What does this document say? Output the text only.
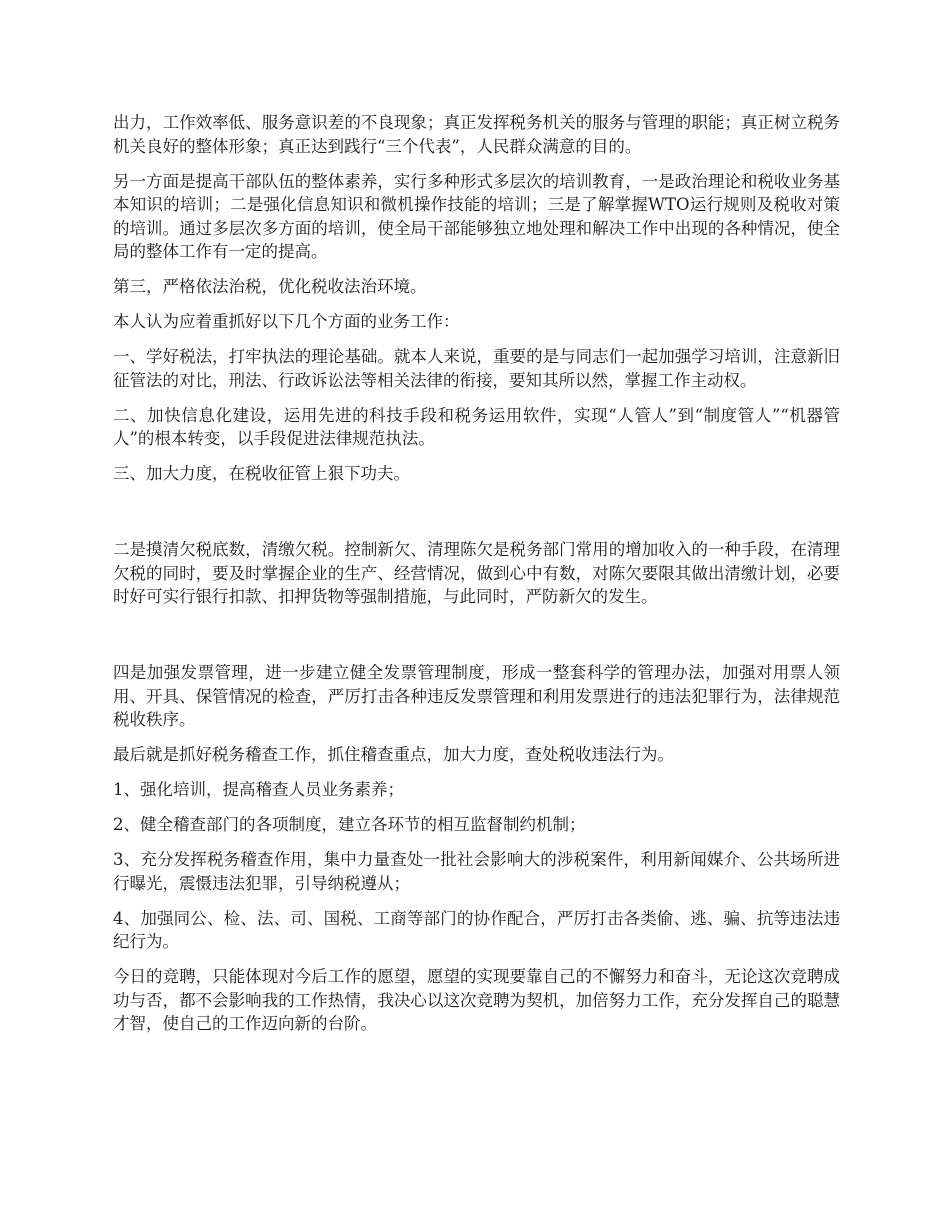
出力，工作效率低、服务意识差的不良现象；真正发挥税务机关的服务与管理的职能；真正树立税务机关良好的整体形象；真正达到践行“三个代表”，人民群众满意的目的。

另一方面是提高干部队伍的整体素养，实行多种形式多层次的培训教育，一是政治理论和税收业务基本知识的培训；二是强化信息知识和微机操作技能的培训；三是了解掌握WTO运行规则及税收对策的培训。通过多层次多方面的培训，使全局干部能够独立地处理和解决工作中出现的各种情况，使全局的整体工作有一定的提高。

第三，严格依法治税，优化税收法治环境。

本人认为应着重抓好以下几个方面的业务工作：

一、学好税法，打牢执法的理论基础。就本人来说，重要的是与同志们一起加强学习培训，注意新旧征管法的对比，刑法、行政诉讼法等相关法律的衔接，要知其所以然，掌握工作主动权。

二、加快信息化建设，运用先进的科技手段和税务运用软件，实现“人管人”到“制度管人”“机器管人”的根本转变，以手段促进法律规范执法。

三、加大力度，在税收征管上狠下功夫。

二是摸清欠税底数，清缴欠税。控制新欠、清理陈欠是税务部门常用的增加收入的一种手段，在清理欠税的同时，要及时掌握企业的生产、经营情况，做到心中有数，对陈欠要限其做出清缴计划，必要时好可实行银行扣款、扣押货物等强制措施，与此同时，严防新欠的发生。

四是加强发票管理，进一步建立健全发票管理制度，形成一整套科学的管理办法，加强对用票人领用、开具、保管情况的检查，严厉打击各种违反发票管理和利用发票进行的违法犯罪行为，法律规范税收秩序。

最后就是抓好税务稽查工作，抓住稽查重点，加大力度，查处税收违法行为。

1、强化培训，提高稽查人员业务素养；

2、健全稽查部门的各项制度，建立各环节的相互监督制约机制；

3、充分发挥税务稽查作用，集中力量查处一批社会影响大的涉税案件，利用新闻媒介、公共场所进行曝光，震慑违法犯罪，引导纳税遵从；

4、加强同公、检、法、司、国税、工商等部门的协作配合，严厉打击各类偷、逃、骗、抗等违法违纪行为。

今日的竞聘，只能体现对今后工作的愿望，愿望的实现要靠自己的不懈努力和奋斗，无论这次竞聘成功与否，都不会影响我的工作热情，我决心以这次竞聘为契机，加倍努力工作，充分发挥自己的聪慧才智，使自己的工作迈向新的台阶。
